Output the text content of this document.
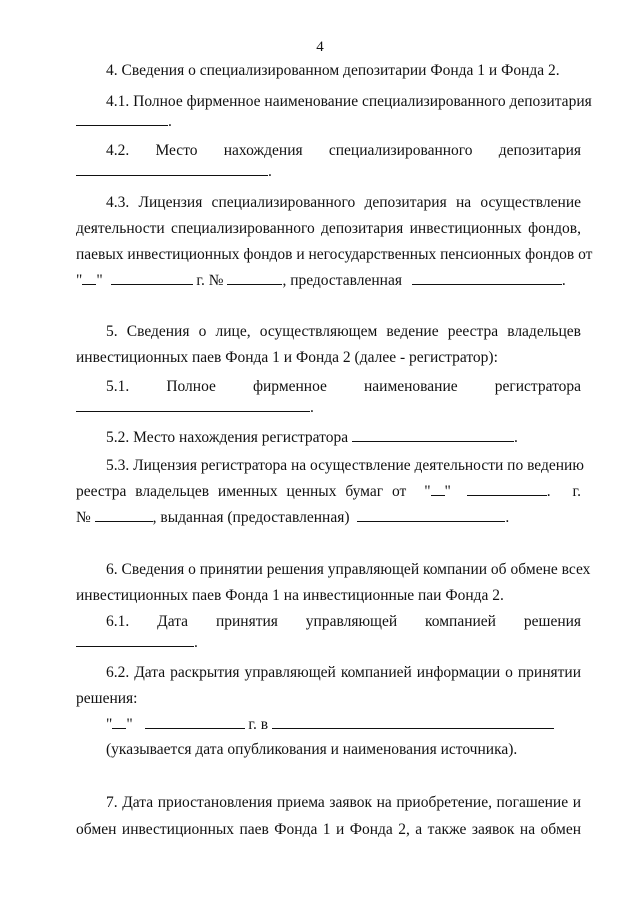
4
4. Сведения о специализированном депозитарии Фонда 1 и Фонда 2.
4.1. Полное фирменное наименование специализированного депозитария
.
4.2. Место нахождения специализированного депозитария
.
4.3. Лицензия специализированного депозитария на осуществление
деятельности специализированного депозитария инвестиционных фондов,
паевых инвестиционных фондов и негосударственных пенсионных фондов от
" "	г. №	, предоставленная	.
5. Сведения о лице, осуществляющем ведение реестра владельцев
инвестиционных паев Фонда 1 и Фонда 2 (далее - регистратор):
5.1. Полное фирменное наименование регистратора
.
5.2. Место нахождения регистратора	.
5.3. Лицензия регистратора на осуществление деятельности по ведению
реестра владельцев именных ценных бумаг от " "	. г.
№	, выданная (предоставленная)	.
6. Сведения о принятии решения управляющей компании об обмене всех
инвестиционных паев Фонда 1 на инвестиционные паи Фонда 2.
6.1. Дата принятия управляющей компанией решения
.
6.2. Дата раскрытия управляющей компанией информации о принятии
решения:
" "	г. в
(указывается дата опубликования и наименования источника).
7. Дата приостановления приема заявок на приобретение, погашение и
обмен инвестиционных паев Фонда 1 и Фонда 2, а также заявок на обмен
